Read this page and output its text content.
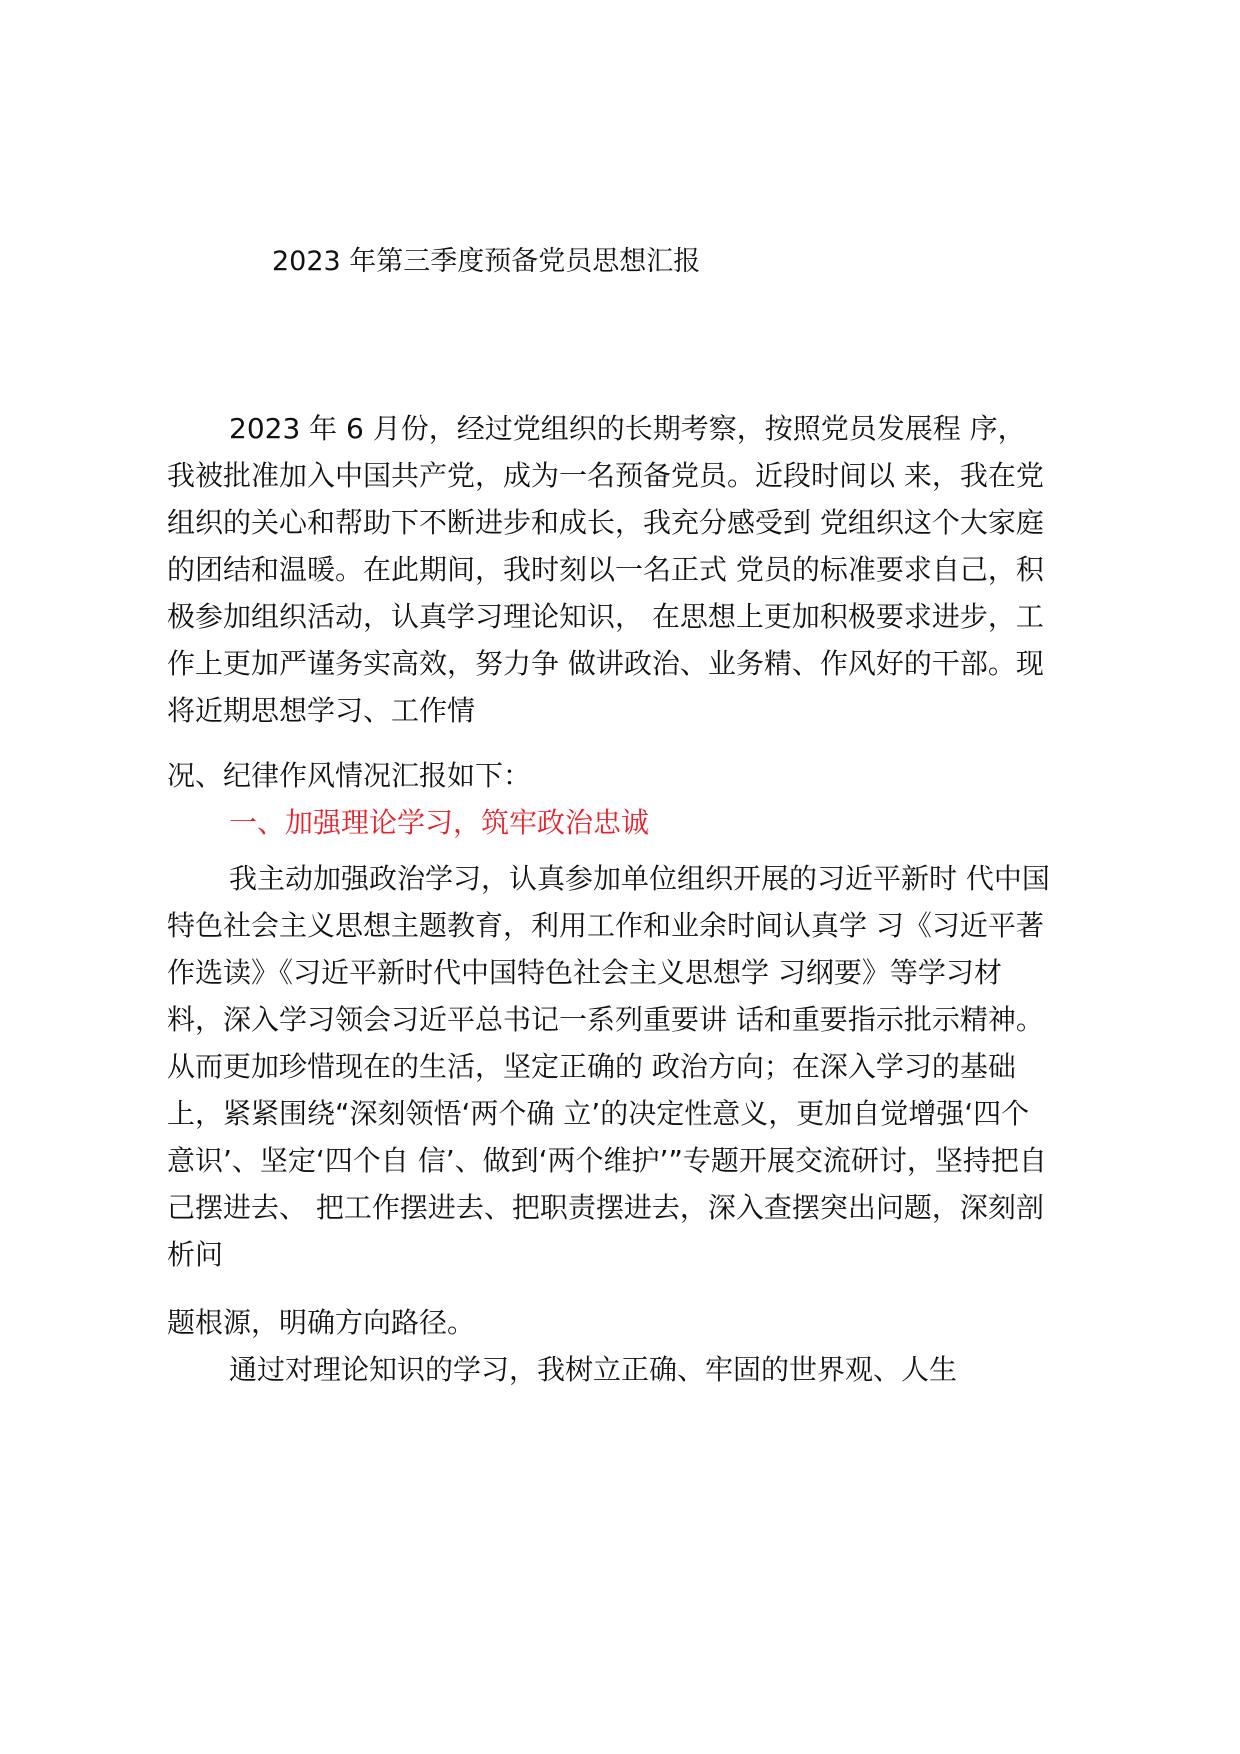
2023 年第三季度预备党员思想汇报
2023 年 6 月份，经过党组织的长期考察，按照党员发展程 序，
我被批准加入中国共产党，成为一名预备党员。近段时间以 来，我在党
组织的关心和帮助下不断进步和成长，我充分感受到 党组织这个大家庭
的团结和温暖。在此期间，我时刻以一名正式 党员的标准要求自己，积
极参加组织活动，认真学习理论知识， 在思想上更加积极要求进步，工
作上更加严谨务实高效，努力争 做讲政治、业务精、作风好的干部。现
将近期思想学习、工作情
况、纪律作风情况汇报如下：
一、加强理论学习，筑牢政治忠诚
我主动加强政治学习，认真参加单位组织开展的习近平新时 代中国
特色社会主义思想主题教育，利用工作和业余时间认真学 习《习近平著
作选读》《习近平新时代中国特色社会主义思想学 习纲要》等学习材
料，深入学习领会习近平总书记一系列重要讲 话和重要指示批示精神。
从而更加珍惜现在的生活，坚定正确的 政治方向；在深入学习的基础
上，紧紧围绕“深刻领悟‘两个确 立’的决定性意义，更加自觉增强‘四个
意识’、坚定‘四个自 信’、做到‘两个维护’”专题开展交流研讨，坚持把自
己摆进去、 把工作摆进去、把职责摆进去，深入查摆突出问题，深刻剖
析问
题根源，明确方向路径。
通过对理论知识的学习，我树立正确、牢固的世界观、人生
